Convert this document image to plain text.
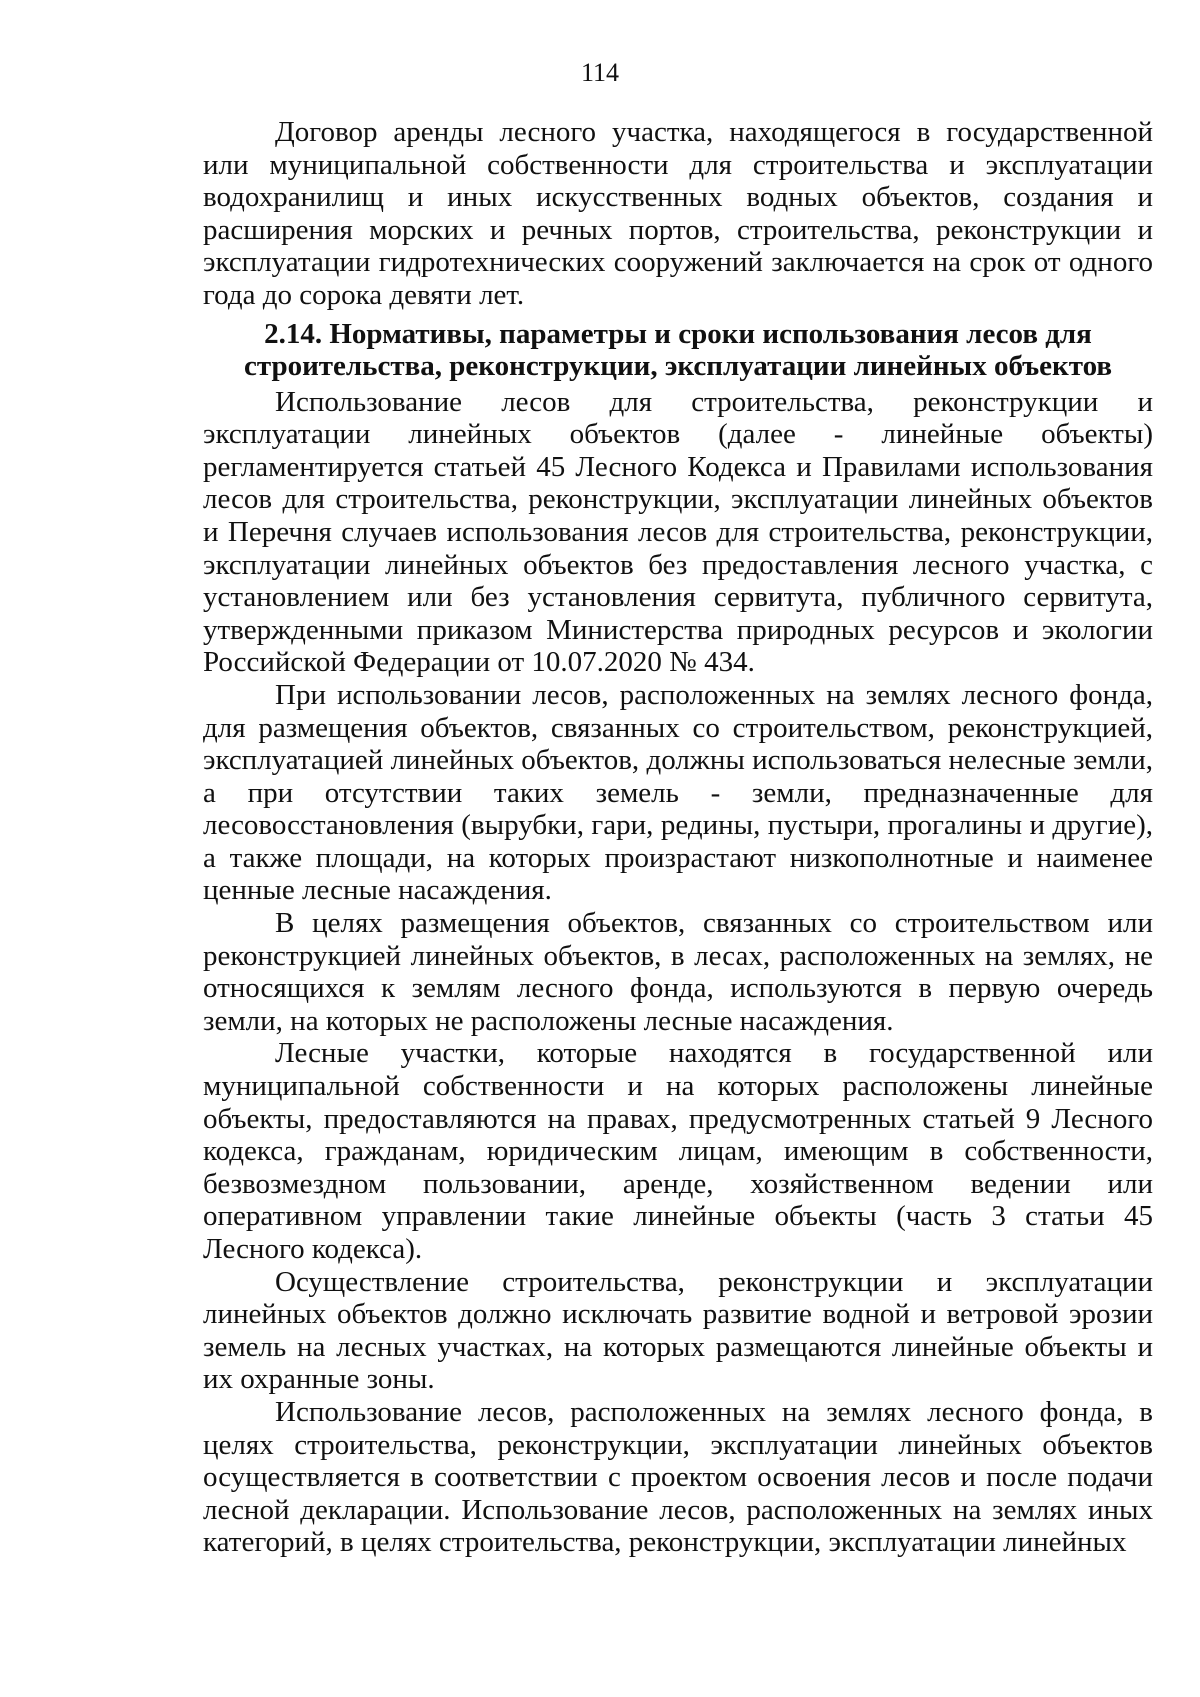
114

Договор аренды лесного участка, находящегося в государственной или муниципальной собственности для строительства и эксплуатации водохранилищ и иных искусственных водных объектов, создания и расширения морских и речных портов, строительства, реконструкции и эксплуатации гидротехнических сооружений заключается на срок от одного года до сорока девяти лет.

2.14. Нормативы, параметры и сроки использования лесов для
строительства, реконструкции, эксплуатации линейных объектов

Использование лесов для строительства, реконструкции и эксплуатации линейных объектов (далее - линейные объекты) регламентируется статьей 45 Лесного Кодекса и Правилами использования лесов для строительства, реконструкции, эксплуатации линейных объектов и Перечня случаев использования лесов для строительства, реконструкции, эксплуатации линейных объектов без предоставления лесного участка, с установлением или без установления сервитута, публичного сервитута, утвержденными приказом Министерства природных ресурсов и экологии Российской Федерации от 10.07.2020 № 434.

При использовании лесов, расположенных на землях лесного фонда, для размещения объектов, связанных со строительством, реконструкцией, эксплуатацией линейных объектов, должны использоваться нелесные земли, а при отсутствии таких земель - земли, предназначенные для лесовосстановления (вырубки, гари, редины, пустыри, прогалины и другие), а также площади, на которых произрастают низкополнотные и наименее ценные лесные насаждения.

В целях размещения объектов, связанных со строительством или реконструкцией линейных объектов, в лесах, расположенных на землях, не относящихся к землям лесного фонда, используются в первую очередь земли, на которых не расположены лесные насаждения.

Лесные участки, которые находятся в государственной или муниципальной собственности и на которых расположены линейные объекты, предоставляются на правах, предусмотренных статьей 9 Лесного кодекса, гражданам, юридическим лицам, имеющим в собственности, безвозмездном пользовании, аренде, хозяйственном ведении или оперативном управлении такие линейные объекты (часть 3 статьи 45 Лесного кодекса).

Осуществление строительства, реконструкции и эксплуатации линейных объектов должно исключать развитие водной и ветровой эрозии земель на лесных участках, на которых размещаются линейные объекты и их охранные зоны.

Использование лесов, расположенных на землях лесного фонда, в целях строительства, реконструкции, эксплуатации линейных объектов осуществляется в соответствии с проектом освоения лесов и после подачи лесной декларации. Использование лесов, расположенных на землях иных категорий, в целях строительства, реконструкции, эксплуатации линейных
